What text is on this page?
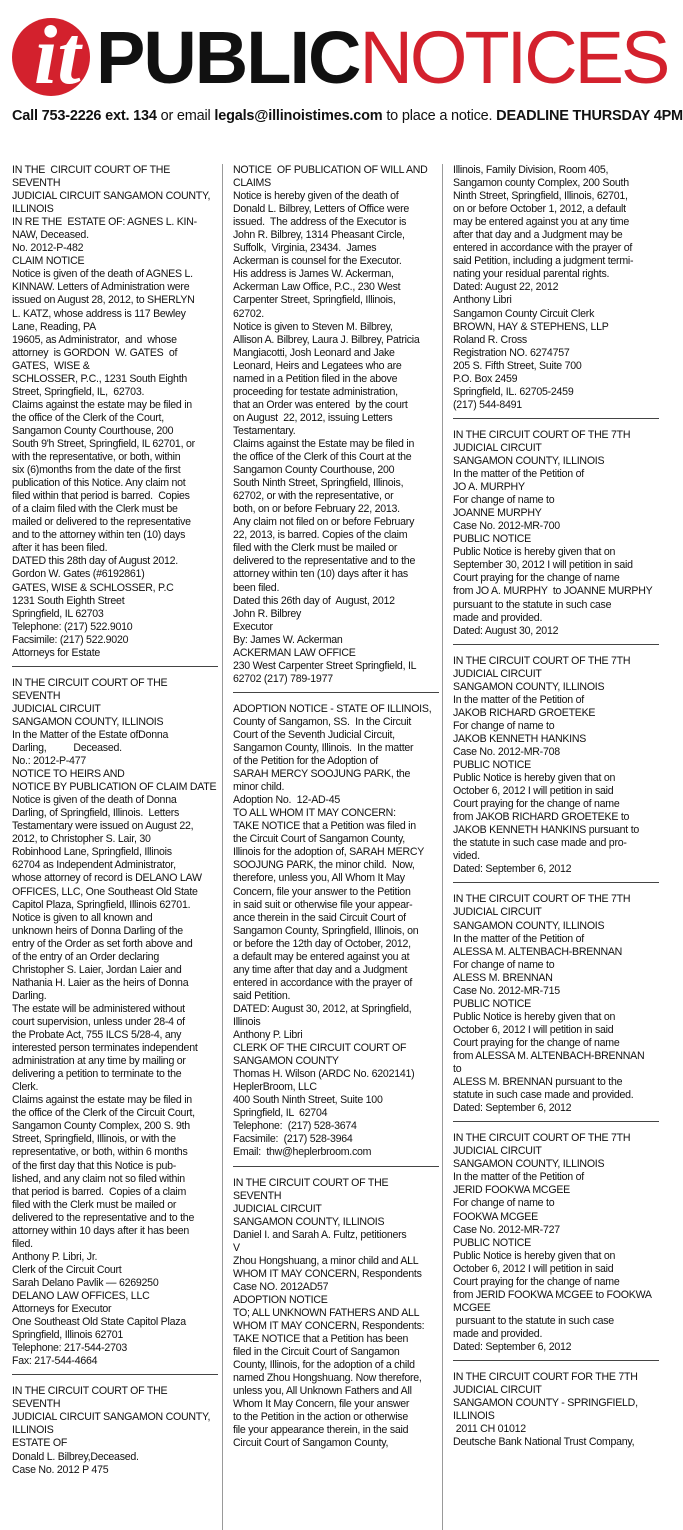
it PUBLICNOTICES
Call 753-2226 ext. 134 or email legals@illinoistimes.com to place a notice. DEADLINE THURSDAY 4PM
IN THE  CIRCUIT COURT OF THE SEVENTH
JUDICIAL CIRCUIT SANGAMON COUNTY,
ILLINOIS
IN RE THE  ESTATE OF: AGNES L. KIN-
NAW, Deceased.
No. 2012-P-482
CLAIM NOTICE
Notice is given of the death of AGNES L.
KINNAW. Letters of Administration were
issued on August 28, 2012, to SHERLYN
L. KATZ, whose address is 117 Bewley
Lane, Reading, PA
19605, as Administrator,  and  whose
attorney  is GORDON  W. GATES  of
GATES,  WISE &
SCHLOSSER, P.C., 1231 South Eighth
Street, Springfield, IL,  62703.
Claims against the estate may be filed in
the office of the Clerk of the Court,
Sangamon County Courthouse, 200
South 9'h Street, Springfield, IL 62701, or
with the representative, or both, within
six (6)months from the date of the first
publication of this Notice. Any claim not
filed within that period is barred.  Copies
of a claim filed with the Clerk must be
mailed or delivered to the representative
and to the attorney within ten (10) days
after it has been filed.
DATED this 28th day of August 2012.
Gordon W. Gates (#6192861)
GATES, WISE & SCHLOSSER, P.C
1231 South Eighth Street
Springfield, IL 62703
Telephone: (217) 522.9010
Facsimile: (217) 522.9020
Attorneys for Estate
IN THE CIRCUIT COURT OF THE SEVENTH
JUDICIAL CIRCUIT
SANGAMON COUNTY, ILLINOIS
In the Matter of the Estate ofDonna
Darling,          Deceased.
No.: 2012-P-477
NOTICE TO HEIRS AND
NOTICE BY PUBLICATION OF CLAIM DATE
Notice is given of the death of Donna
Darling, of Springfield, Illinois.  Letters
Testamentary were issued on August 22,
2012, to Christopher S. Lair, 30
Robinhood Lane, Springfield, Illinois
62704 as Independent Administrator,
whose attorney of record is DELANO LAW
OFFICES, LLC, One Southeast Old State
Capitol Plaza, Springfield, Illinois 62701.
Notice is given to all known and
unknown heirs of Donna Darling of the
entry of the Order as set forth above and
of the entry of an Order declaring
Christopher S. Laier, Jordan Laier and
Nathania H. Laier as the heirs of Donna
Darling.
The estate will be administered without
court supervision, unless under 28-4 of
the Probate Act, 755 ILCS 5/28-4, any
interested person terminates independent
administration at any time by mailing or
delivering a petition to terminate to the
Clerk.
Claims against the estate may be filed in
the office of the Clerk of the Circuit Court,
Sangamon County Complex, 200 S. 9th
Street, Springfield, Illinois, or with the
representative, or both, within 6 months
of the first day that this Notice is pub-
lished, and any claim not so filed within
that period is barred.  Copies of a claim
filed with the Clerk must be mailed or
delivered to the representative and to the
attorney within 10 days after it has been
filed.
Anthony P. Libri, Jr.
Clerk of the Circuit Court
Sarah Delano Pavlik — 6269250
DELANO LAW OFFICES, LLC
Attorneys for Executor
One Southeast Old State Capitol Plaza
Springfield, Illinois 62701
Telephone: 217-544-2703
Fax: 217-544-4664
IN THE CIRCUIT COURT OF THE SEVENTH
JUDICIAL CIRCUIT SANGAMON COUNTY,
ILLINOIS
ESTATE OF
Donald L. Bilbrey,Deceased.
Case No. 2012 P 475
NOTICE  OF PUBLICATION OF WILL AND
CLAIMS
Notice is hereby given of the death of
Donald L. Bilbrey, Letters of Office were
issued.  The address of the Executor is
John R. Bilbrey, 1314 Pheasant Circle,
Suffolk,  Virginia, 23434.  James
Ackerman is counsel for the Executor.
His address is James W. Ackerman,
Ackerman Law Office, P.C., 230 West
Carpenter Street, Springfield, Illinois,
62702.
Notice is given to Steven M. Bilbrey,
Allison A. Bilbrey, Laura J. Bilbrey, Patricia
Mangiacotti, Josh Leonard and Jake
Leonard, Heirs and Legatees who are
named in a Petition filed in the above
proceeding for testate administration,
that an Order was entered  by the court
on August  22, 2012, issuing Letters
Testamentary.
Claims against the Estate may be filed in
the office of the Clerk of this Court at the
Sangamon County Courthouse, 200
South Ninth Street, Springfield, Illinois,
62702, or with the representative, or
both, on or before February 22, 2013.
Any claim not filed on or before February
22, 2013, is barred. Copies of the claim
filed with the Clerk must be mailed or
delivered to the representative and to the
attorney within ten (10) days after it has
been filed.
Dated this 26th day of  August, 2012
John R. Bilbrey
Executor
By: James W. Ackerman
ACKERMAN LAW OFFICE
230 West Carpenter Street Springfield, IL
62702 (217) 789-1977
ADOPTION NOTICE - STATE OF ILLINOIS,
County of Sangamon, SS.  In the Circuit
Court of the Seventh Judicial Circuit,
Sangamon County, Illinois.  In the matter
of the Petition for the Adoption of
SARAH MERCY SOOJUNG PARK, the
minor child.
Adoption No.  12-AD-45
TO ALL WHOM IT MAY CONCERN:
TAKE NOTICE that a Petition was filed in
the Circuit Court of Sangamon County,
Illinois for the adoption of, SARAH MERCY
SOOJUNG PARK, the minor child.  Now,
therefore, unless you, All Whom It May
Concern, file your answer to the Petition
in said suit or otherwise file your appear-
ance therein in the said Circuit Court of
Sangamon County, Springfield, Illinois, on
or before the 12th day of October, 2012,
a default may be entered against you at
any time after that day and a Judgment
entered in accordance with the prayer of
said Petition.
DATED: August 30, 2012, at Springfield,
Illinois
Anthony P. Libri
CLERK OF THE CIRCUIT COURT OF
SANGAMON COUNTY
Thomas H. Wilson (ARDC No. 6202141)
HeplerBroom, LLC
400 South Ninth Street, Suite 100
Springfield, IL  62704
Telephone:  (217) 528-3674
Facsimile:  (217) 528-3964
Email:  thw@heplerbroom.com
IN THE CIRCUIT COURT OF THE SEVENTH
JUDICIAL CIRCUIT
SANGAMON COUNTY, ILLINOIS
Daniel I. and Sarah A. Fultz, petitioners
V
Zhou Hongshuang, a minor child and ALL
WHOM IT MAY CONCERN, Respondents
Case NO. 2012AD57
ADOPTION NOTICE
TO; ALL UNKNOWN FATHERS AND ALL
WHOM IT MAY CONCERN, Respondents:
TAKE NOTICE that a Petition has been
filed in the Circuit Court of Sangamon
County, Illinois, for the adoption of a child
named Zhou Hongshuang. Now therefore,
unless you, All Unknown Fathers and All
Whom It May Concern, file your answer
to the Petition in the action or otherwise
file your appearance therein, in the said
Circuit Court of Sangamon County,
Illinois, Family Division, Room 405,
Sangamon county Complex, 200 South
Ninth Street, Springfield, Illinois, 62701,
on or before October 1, 2012, a default
may be entered against you at any time
after that day and a Judgment may be
entered in accordance with the prayer of
said Petition, including a judgment termi-
nating your residual parental rights.
Dated: August 22, 2012
Anthony Libri
Sangamon County Circuit Clerk
BROWN, HAY & STEPHENS, LLP
Roland R. Cross
Registration NO. 6274757
205 S. Fifth Street, Suite 700
P.O. Box 2459
Springfield, IL. 62705-2459
(217) 544-8491
IN THE CIRCUIT COURT OF THE 7TH
JUDICIAL CIRCUIT
SANGAMON COUNTY, ILLINOIS
In the matter of the Petition of
JO A. MURPHY
For change of name to
JOANNE MURPHY
Case No. 2012-MR-700
PUBLIC NOTICE
Public Notice is hereby given that on
September 30, 2012 I will petition in said
Court praying for the change of name
from JO A. MURPHY  to JOANNE MURPHY
pursuant to the statute in such case
made and provided.
Dated: August 30, 2012
IN THE CIRCUIT COURT OF THE 7TH
JUDICIAL CIRCUIT
SANGAMON COUNTY, ILLINOIS
In the matter of the Petition of
JAKOB RICHARD GROETEKE
For change of name to
JAKOB KENNETH HANKINS
Case No. 2012-MR-708
PUBLIC NOTICE
Public Notice is hereby given that on
October 6, 2012 I will petition in said
Court praying for the change of name
from JAKOB RICHARD GROETEKE to
JAKOB KENNETH HANKINS pursuant to
the statute in such case made and pro-
vided.
Dated: September 6, 2012
IN THE CIRCUIT COURT OF THE 7TH
JUDICIAL CIRCUIT
SANGAMON COUNTY, ILLINOIS
In the matter of the Petition of
ALESSA M. ALTENBACH-BRENNAN
For change of name to
ALESS M. BRENNAN
Case No. 2012-MR-715
PUBLIC NOTICE
Public Notice is hereby given that on
October 6, 2012 I will petition in said
Court praying for the change of name
from ALESSA M. ALTENBACH-BRENNAN
to
ALESS M. BRENNAN pursuant to the
statute in such case made and provided.
Dated: September 6, 2012
IN THE CIRCUIT COURT OF THE 7TH
JUDICIAL CIRCUIT
SANGAMON COUNTY, ILLINOIS
In the matter of the Petition of
JERID FOOKWA MCGEE
For change of name to
FOOKWA MCGEE
Case No. 2012-MR-727
PUBLIC NOTICE
Public Notice is hereby given that on
October 6, 2012 I will petition in said
Court praying for the change of name
from JERID FOOKWA MCGEE to FOOKWA
MCGEE
pursuant to the statute in such case
made and provided.
Dated: September 6, 2012
IN THE CIRCUIT COURT FOR THE 7TH
JUDICIAL CIRCUIT
SANGAMON COUNTY - SPRINGFIELD,
ILLINOIS
2011 CH 01012
Deutsche Bank National Trust Company,
